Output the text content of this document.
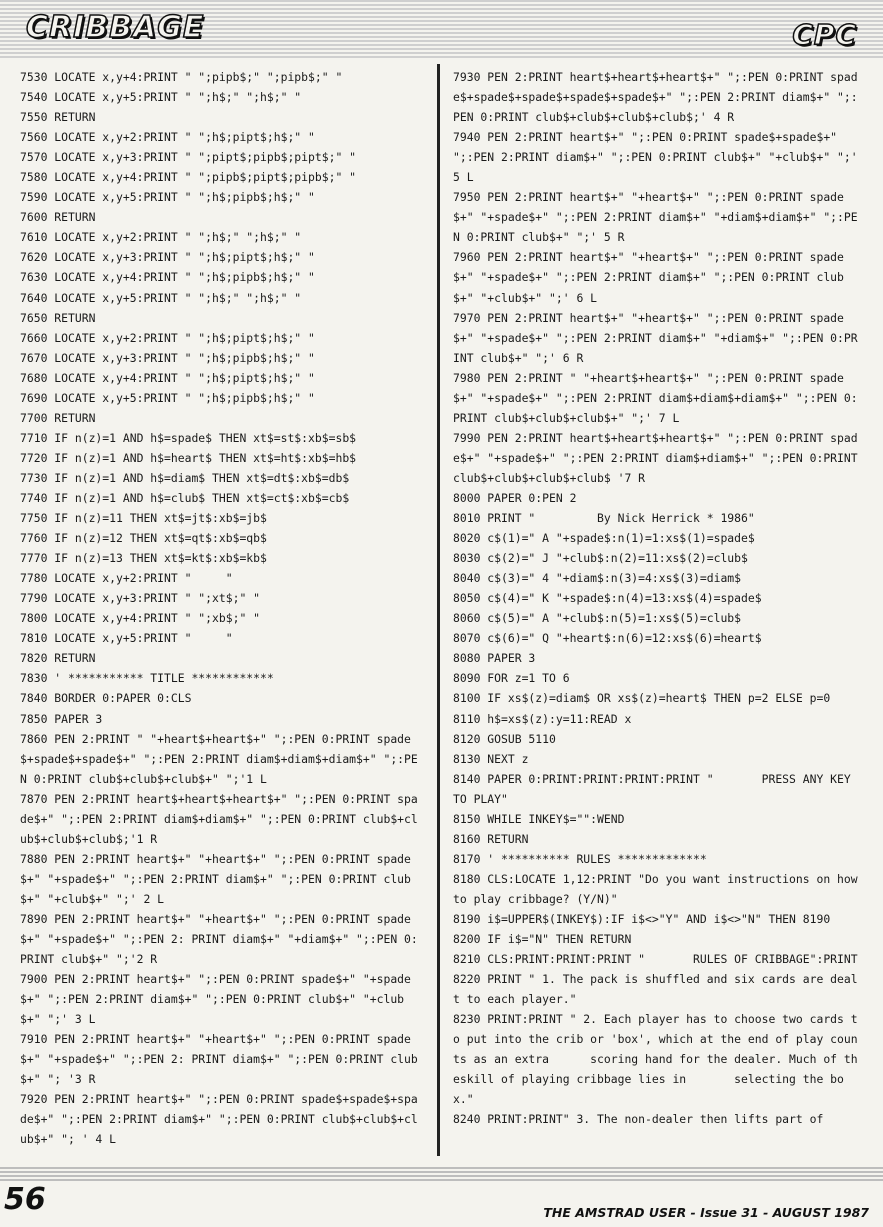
CRIBBAGE	CPC
7530 LOCATE x,y+4:PRINT " ";pipb$;" ";pipb$;" "
7540 LOCATE x,y+5:PRINT " ";h$;" ";h$;" "
7550 RETURN
7560 LOCATE x,y+2:PRINT " ";h$;pipt$;h$;" "
7570 LOCATE x,y+3:PRINT " ";pipt$;pipb$;pipt$;" "
7580 LOCATE x,y+4:PRINT " ";pipb$;pipt$;pipb$;" "
7590 LOCATE x,y+5:PRINT " ";h$;pipb$;h$;" "
7600 RETURN
7610 LOCATE x,y+2:PRINT " ";h$;" ";h$;" "
7620 LOCATE x,y+3:PRINT " ";h$;pipt$;h$;" "
7630 LOCATE x,y+4:PRINT " ";h$;pipb$;h$;" "
7640 LOCATE x,y+5:PRINT " ";h$;" ";h$;" "
7650 RETURN
7660 LOCATE x,y+2:PRINT " ";h$;pipt$;h$;" "
7670 LOCATE x,y+3:PRINT " ";h$;pipb$;h$;" "
7680 LOCATE x,y+4:PRINT " ";h$;pipt$;h$;" "
7690 LOCATE x,y+5:PRINT " ";h$;pipb$;h$;" "
7700 RETURN
7710 IF n(z)=1 AND h$=spade$ THEN xt$=st$:xb$=sb$
7720 IF n(z)=1 AND h$=heart$ THEN xt$=ht$:xb$=hb$
7730 IF n(z)=1 AND h$=diam$ THEN xt$=dt$:xb$=db$
7740 IF n(z)=1 AND h$=club$ THEN xt$=ct$:xb$=cb$
7750 IF n(z)=11 THEN xt$=jt$:xb$=jb$
7760 IF n(z)=12 THEN xt$=qt$:xb$=qb$
7770 IF n(z)=13 THEN xt$=kt$:xb$=kb$
7780 LOCATE x,y+2:PRINT "     "
7790 LOCATE x,y+3:PRINT " ";xt$;" "
7800 LOCATE x,y+4:PRINT " ";xb$;" "
7810 LOCATE x,y+5:PRINT "     "
7820 RETURN
7830 ' *********** TITLE ************
7840 BORDER 0:PAPER 0:CLS
7850 PAPER 3
7860 PEN 2:PRINT " "+heart$+heart$+" ";:PEN 0:PRINT spade$+spade$+spade$+" ";:PEN 2:PRINT diam$+diam$+diam$+" ";:PEN 0:PRINT club$+club$+club$+" ";'1 L
7870 PEN 2:PRINT heart$+heart$+heart$+" ";:PEN 0:PRINT spade$+" ";:PEN 2:PRINT diam$+diam$+" ";:PEN 0:PRINT club$+club$+club$+club$;'1 R
7880 PEN 2:PRINT heart$+" "+heart$+" ";:PEN 0:PRINT spade$+" "+spade$+" ";:PEN 2:PRINT diam$+" ";:PEN 0:PRINT club$+" "+club$+" ";' 2 L
7890 PEN 2:PRINT heart$+" "+heart$+" ";:PEN 0:PRINT spade$+" "+spade$+" ";:PEN 2: PRINT diam$+" "+diam$+" ";:PEN 0:PRINT club$+" ";'2 R
7900 PEN 2:PRINT heart$+" ";:PEN 0:PRINT spade$+" "+spade$+" ";:PEN 2:PRINT diam$+" ";:PEN 0:PRINT club$+" "+club$+" ";' 3 L
7910 PEN 2:PRINT heart$+" "+heart$+" ";:PEN 0:PRINT spade$+" "+spade$+" ";:PEN 2: PRINT diam$+" ";:PEN 0:PRINT club$+" "; '3 R
7920 PEN 2:PRINT heart$+" ";:PEN 0:PRINT spade$+spade$+spade$+" ";:PEN 2:PRINT diam$+" ";:PEN 0:PRINT club$+club$+club$+" "; ' 4 L
7930 PEN 2:PRINT heart$+heart$+heart$+" ";:PEN 0:PRINT spade$+spade$+spade$+spade$+spade$+" ";:PEN 2:PRINT diam$+" ";:PEN 0:PRINT club$+club$+club$+club$;' 4 R
7940 PEN 2:PRINT heart$+" ";:PEN 0:PRINT spade$+spade$+" ";:PEN 2:PRINT diam$+" ";:PEN 0:PRINT club$+" "+club$+" ";' 5 L
7950 PEN 2:PRINT heart$+" "+heart$+" ";:PEN 0:PRINT spade$+" "+spade$+" ";:PEN 2:PRINT diam$+" "+diam$+diam$+" ";:PEN 0:PRINT club$+" ";' 5 R
7960 PEN 2:PRINT heart$+" "+heart$+" ";:PEN 0:PRINT spade$+" "+spade$+" ";:PEN 2:PRINT diam$+" ";:PEN 0:PRINT club$+" "+club$+" ";' 6 L
7970 PEN 2:PRINT heart$+" "+heart$+" ";:PEN 0:PRINT spade$+" "+spade$+" ";:PEN 2:PRINT diam$+" "+diam$+" ";:PEN 0:PRINT club$+" ";' 6 R
7980 PEN 2:PRINT " "+heart$+heart$+" ";:PEN 0:PRINT spade$+" "+spade$+" ";:PEN 2:PRINT diam$+diam$+diam$+" ";:PEN 0:PRINT club$+club$+club$+" ";' 7 L
7990 PEN 2:PRINT heart$+heart$+heart$+" ";:PEN 0:PRINT spade$+" "+spade$+" ";:PEN 2:PRINT diam$+diam$+" ";:PEN 0:PRINT club$+club$+club$+club$ '7 R
8000 PAPER 0:PEN 2
8010 PRINT "         By Nick Herrick * 1986"
8020 c$(1)=" A "+spade$:n(1)=1:xs$(1)=spade$
8030 c$(2)=" J "+club$:n(2)=11:xs$(2)=club$
8040 c$(3)=" 4 "+diam$:n(3)=4:xs$(3)=diam$
8050 c$(4)=" K "+spade$:n(4)=13:xs$(4)=spade$
8060 c$(5)=" A "+club$:n(5)=1:xs$(5)=club$
8070 c$(6)=" Q "+heart$:n(6)=12:xs$(6)=heart$
8080 PAPER 3
8090 FOR z=1 TO 6
8100 IF xs$(z)=diam$ OR xs$(z)=heart$ THEN p=2 ELSE p=0
8110 h$=xs$(z):y=11:READ x
8120 GOSUB 5110
8130 NEXT z
8140 PAPER 0:PRINT:PRINT:PRINT:PRINT "       PRESS ANY KEY TO PLAY"
8150 WHILE INKEY$="":WEND
8160 RETURN
8170 ' ********** RULES *************
8180 CLS:LOCATE 1,12:PRINT "Do you want instructions on how to play cribbage? (Y/N)"
8190 i$=UPPER$(INKEY$):IF i$<>"Y" AND i$<>"N" THEN 8190
8200 IF i$="N" THEN RETURN
8210 CLS:PRINT:PRINT:PRINT "       RULES OF CRIBBAGE":PRINT
8220 PRINT " 1. The pack is shuffled and six cards are dealt to each player."
8230 PRINT:PRINT " 2. Each player has to choose two cards to put into the crib or 'box', which at the end of play counts as an extra      scoring hand for the dealer. Much of theskill of playing cribbage lies in       selecting the box."
8240 PRINT:PRINT" 3. The non-dealer then lifts part of
56	THE AMSTRAD USER - Issue 31 - AUGUST 1987
